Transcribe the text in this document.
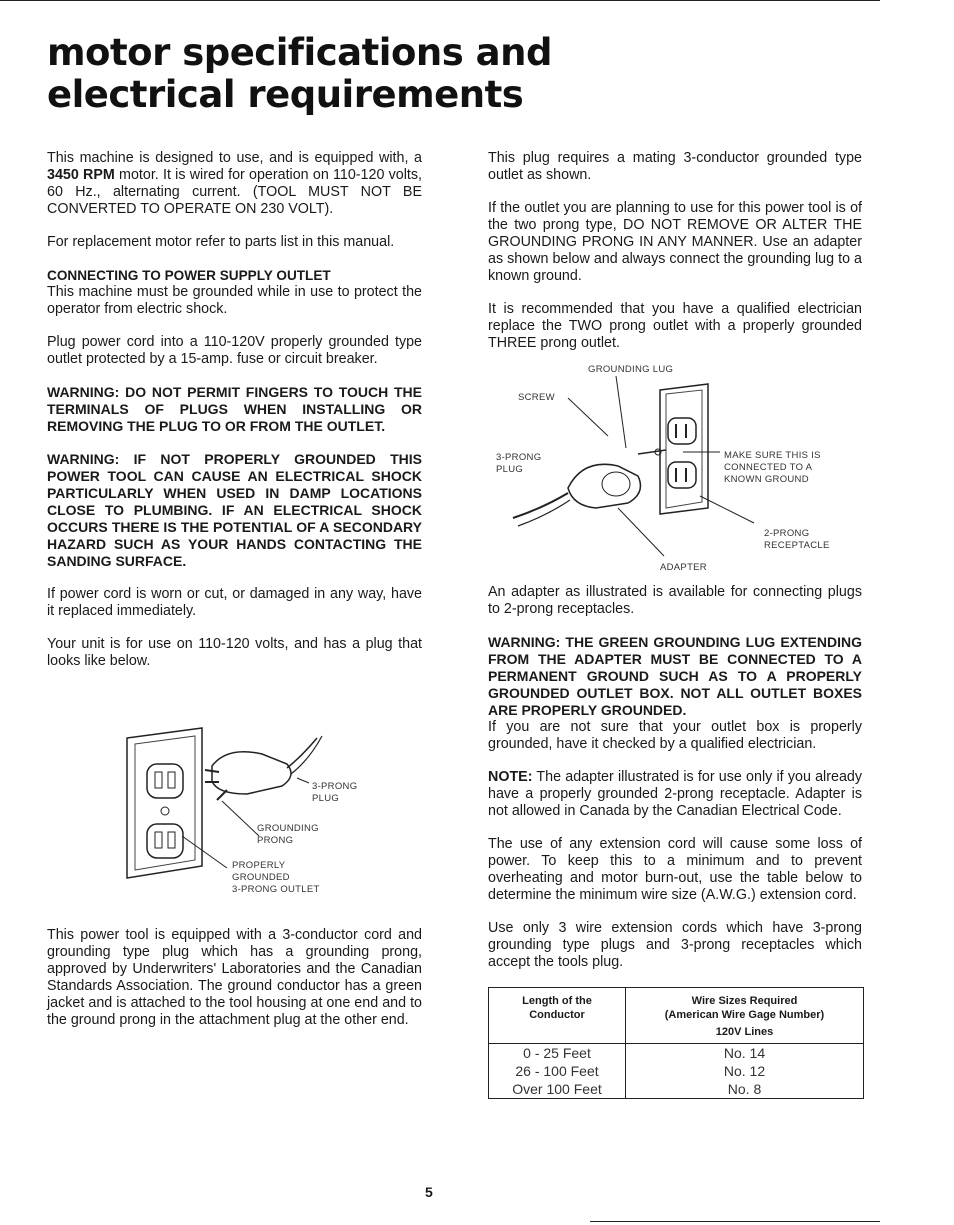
motor specifications and electrical requirements

This machine is designed to use, and is equipped with, a 3450 RPM motor. It is wired for operation on 110-120 volts, 60 Hz., alternating current. (TOOL MUST NOT BE CONVERTED TO OPERATE ON 230 VOLT).

For replacement motor refer to parts list in this manual.

CONNECTING TO POWER SUPPLY OUTLET

This machine must be grounded while in use to protect the operator from electric shock.

Plug power cord into a 110-120V properly grounded type outlet protected by a 15-amp. fuse or circuit breaker.

WARNING: DO NOT PERMIT FINGERS TO TOUCH THE TERMINALS OF PLUGS WHEN INSTALLING OR REMOVING THE PLUG TO OR FROM THE OUTLET.
WARNING: IF NOT PROPERLY GROUNDED THIS POWER TOOL CAN CAUSE AN ELECTRICAL SHOCK PARTICULARLY WHEN USED IN DAMP LOCATIONS CLOSE TO PLUMBING. IF AN ELECTRICAL SHOCK OCCURS THERE IS THE POTENTIAL OF A SECONDARY HAZARD SUCH AS YOUR HANDS CONTACTING THE SANDING SURFACE.

If power cord is worn or cut, or damaged in any way, have it replaced immediately.

Your unit is for use on 110-120 volts, and has a plug that looks like below.

3-PRONG
PLUG
GROUNDING
PRONG
PROPERLY
GROUNDED
3-PRONG OUTLET

This power tool is equipped with a 3-conductor cord and grounding type plug which has a grounding prong, approved by Underwriters' Laboratories and the Canadian Standards Association. The ground conductor has a green jacket and is attached to the tool housing at one end and to the ground prong in the attachment plug at the other end.

This plug requires a mating 3-conductor grounded type outlet as shown.

If the outlet you are planning to use for this power tool is of the two prong type, DO NOT REMOVE OR ALTER THE GROUNDING PRONG IN ANY MANNER. Use an adapter as shown below and always connect the grounding lug to a known ground.

It is recommended that you have a qualified electrician replace the TWO prong outlet with a properly grounded THREE prong outlet.

GROUNDING LUG
SCREW
3-PRONG
PLUG
MAKE SURE THIS IS
CONNECTED TO A
KNOWN GROUND
2-PRONG
RECEPTACLE
ADAPTER

An adapter as illustrated is available for connecting plugs to 2-prong receptacles.

WARNING: THE GREEN GROUNDING LUG EXTENDING FROM THE ADAPTER MUST BE CONNECTED TO A PERMANENT GROUND SUCH AS TO A PROPERLY GROUNDED OUTLET BOX. NOT ALL OUTLET BOXES ARE PROPERLY GROUNDED.

If you are not sure that your outlet box is properly grounded, have it checked by a qualified electrician.

NOTE: The adapter illustrated is for use only if you already have a properly grounded 2-prong receptacle. Adapter is not allowed in Canada by the Canadian Electrical Code.

The use of any extension cord will cause some loss of power. To keep this to a minimum and to prevent overheating and motor burn-out, use the table below to determine the minimum wire size (A.W.G.) extension cord.

Use only 3 wire extension cords which have 3-prong grounding type plugs and 3-prong receptacles which accept the tools plug.

Length of the
Conductor	Wire Sizes Required
(American Wire Gage Number)
120V Lines
0 - 25 Feet	No. 14
26 - 100 Feet	No. 12
Over 100 Feet	No. 8
5
